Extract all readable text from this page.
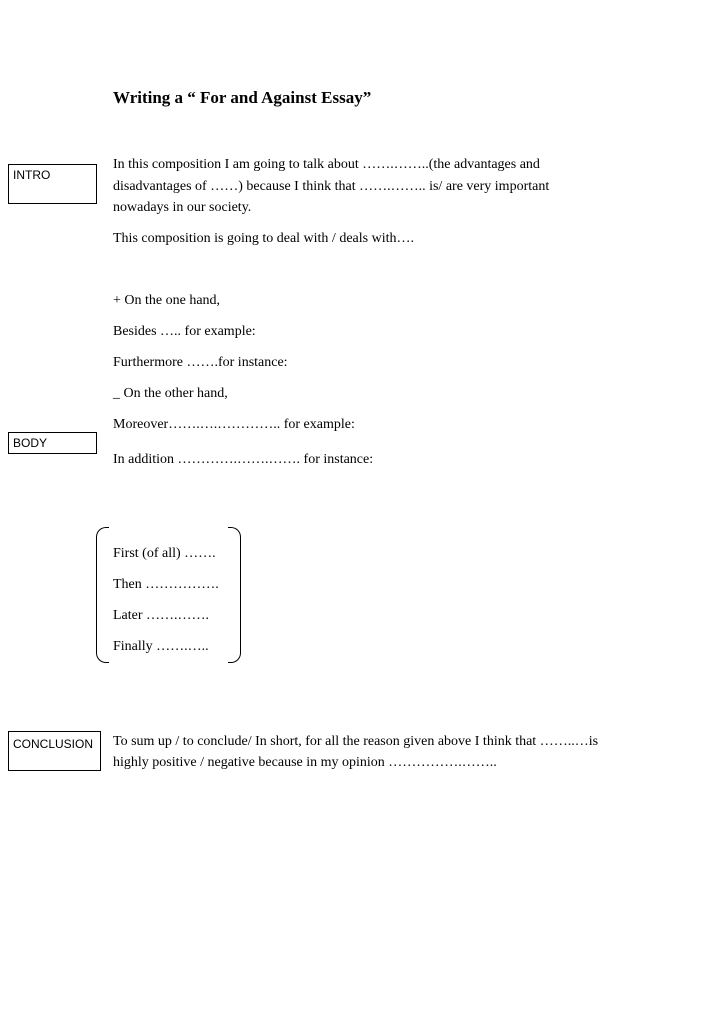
Writing a “ For and Against Essay”
INTRO
In this composition I am going to talk about …….……..(the advantages and
disadvantages of ……) because I think that …….…….. is/ are very important
nowadays in our society.
This composition is going to deal with / deals with….
+ On the one hand,
Besides ….. for example:
Furthermore …….for instance:
_ On the other hand,
Moreover…….….………….. for example:
BODY
In addition ………….…….……. for instance:
First (of all) …….
Then …………….
Later …….…….
Finally …….…..
CONCLUSION	To sum up / to conclude/ In short, for all the reason given above I think that ……..…is
highly positive / negative because in my opinion …………….……..
